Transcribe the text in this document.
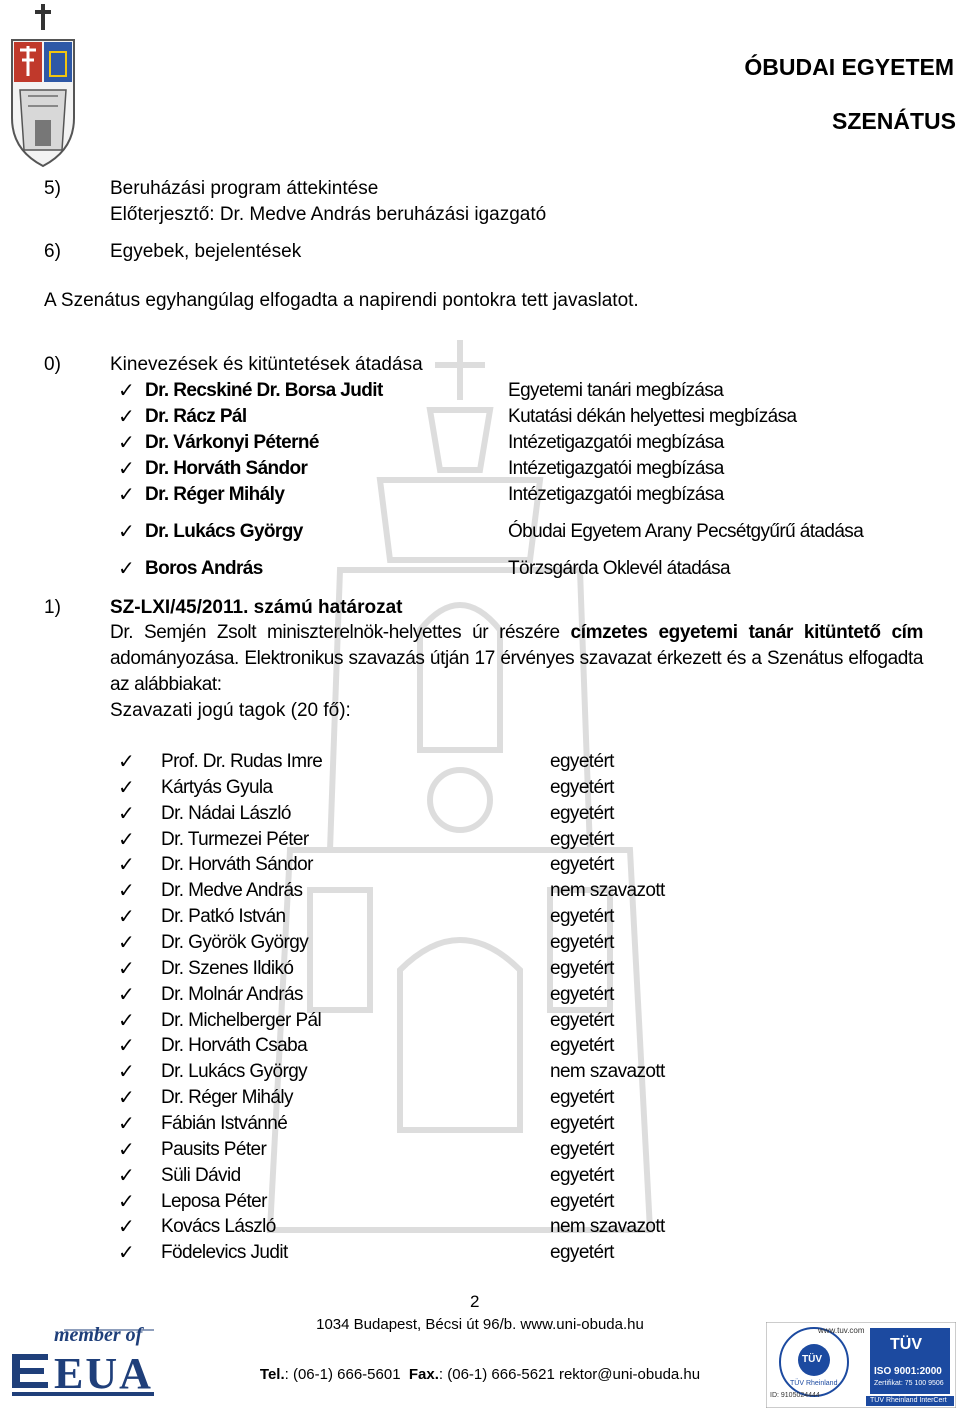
ÓBUDAI EGYETEM
SZENÁTUS
5)	Beruházási program áttekintése
Előterjesztő: Dr. Medve András beruházási igazgató
6)	Egyebek, bejelentések
A Szenátus egyhangúlag elfogadta a napirendi pontokra tett javaslatot.
0)	Kinevezések és kitüntetések átadása
✓ Dr. Recskiné Dr. Borsa Judit	Egyetemi tanári megbízása
✓ Dr. Rácz Pál	Kutatási dékán helyettesi megbízása
✓ Dr. Várkonyi Péterné	Intézetigazgatói megbízása
✓ Dr. Horváth Sándor	Intézetigazgatói megbízása
✓ Dr. Réger Mihály	Intézetigazgatói megbízása
✓ Dr. Lukács György	Óbudai Egyetem Arany Pecsétgyűrű átadása
✓ Boros András	Törzsgárda Oklevél átadása
1)	SZ-LXI/45/2011. számú határozat
Dr. Semjén Zsolt miniszterelnök-helyettes úr részére címzetes egyetemi tanár kitüntető cím adományozása. Elektronikus szavazás útján 17 érvényes szavazat érkezett és a Szenátus elfogadta az alábbiakat:
Szavazati jogú tagok (20 fő):
✓ Prof. Dr. Rudas Imre	egyetért
✓ Kártyás Gyula	egyetért
✓ Dr. Nádai László	egyetért
✓ Dr. Turmezei Péter	egyetért
✓ Dr. Horváth Sándor	egyetért
✓ Dr. Medve András	nem szavazott
✓ Dr. Patkó István	egyetért
✓ Dr. Györök György	egyetért
✓ Dr. Szenes Ildikó	egyetért
✓ Dr. Molnár András	egyetért
✓ Dr. Michelberger Pál	egyetért
✓ Dr. Horváth Csaba	egyetért
✓ Dr. Lukács György	nem szavazott
✓ Dr. Réger Mihály	egyetért
✓ Fábián Istvánné	egyetért
✓ Pausits Péter	egyetért
✓ Süli Dávid	egyetért
✓ Leposa Péter	egyetért
✓ Kovács László	nem szavazott
✓ Födelevics Judit	egyetért
2
1034 Budapest, Bécsi út 96/b. www.uni-obuda.hu
Tel.: (06-1) 666-5601 Fax.: (06-1) 666-5621 rektor@uni-obuda.hu
member of
EUA
www.tuv.com
TÜV
TÜV Rheinland
ID: 9105024444
TÜV
ISO 9001:2000
Zertifikat: 75 100 9506
TÜV Rheinland InterCert
